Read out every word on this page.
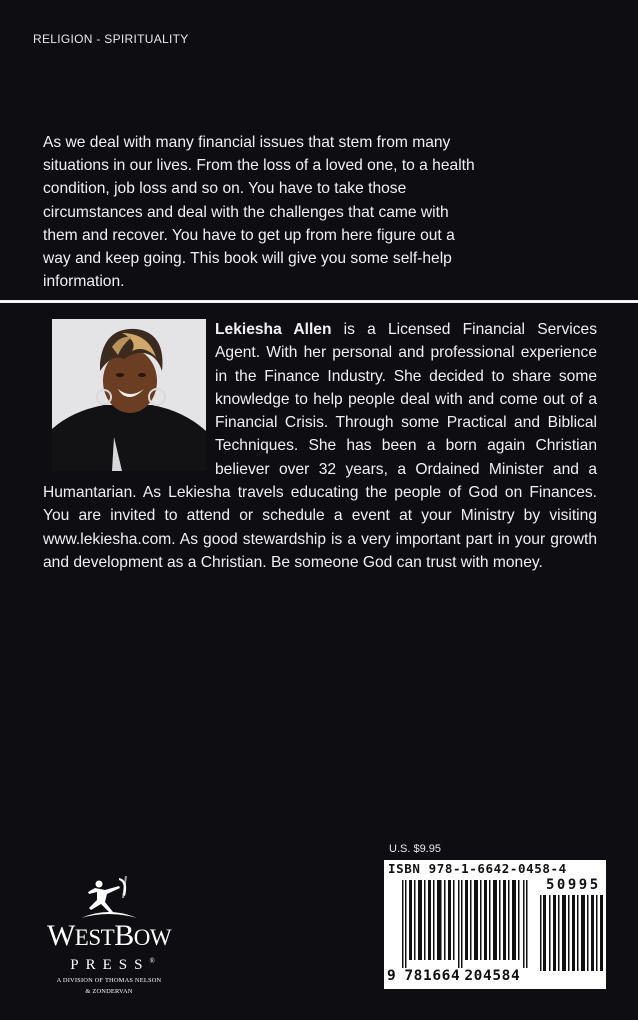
RELIGION - SPIRITUALITY
As we deal with many financial issues that stem from many situations in our lives. From the loss of a loved one, to a health condition, job loss and so on. You have to take those circumstances and deal with the challenges that came with them and recover. You have to get up from here figure out a way and keep going. This book will give you some self-help information.
Lekiesha Allen is a Licensed Financial Services Agent. With her personal and professional experience in the Finance Industry. She decided to share some knowledge to help people deal with and come out of a Financial Crisis. Through some Practical and Biblical Techniques. She has been a born again Christian believer over 32 years, a Ordained Minister and a Humantarian. As Lekiesha travels educating the people of God on Finances. You are invited to attend or schedule a event at your Ministry by visiting www.lekiesha.com. As good stewardship is a very important part in your growth and development as a Christian. Be someone God can trust with money.
U.S. $9.95
ISBN 978-1-6642-0458-4
50995
9 781664 204584
WESTBOW
PRESS®
A DIVISION OF THOMAS NELSON
& ZONDERVAN
